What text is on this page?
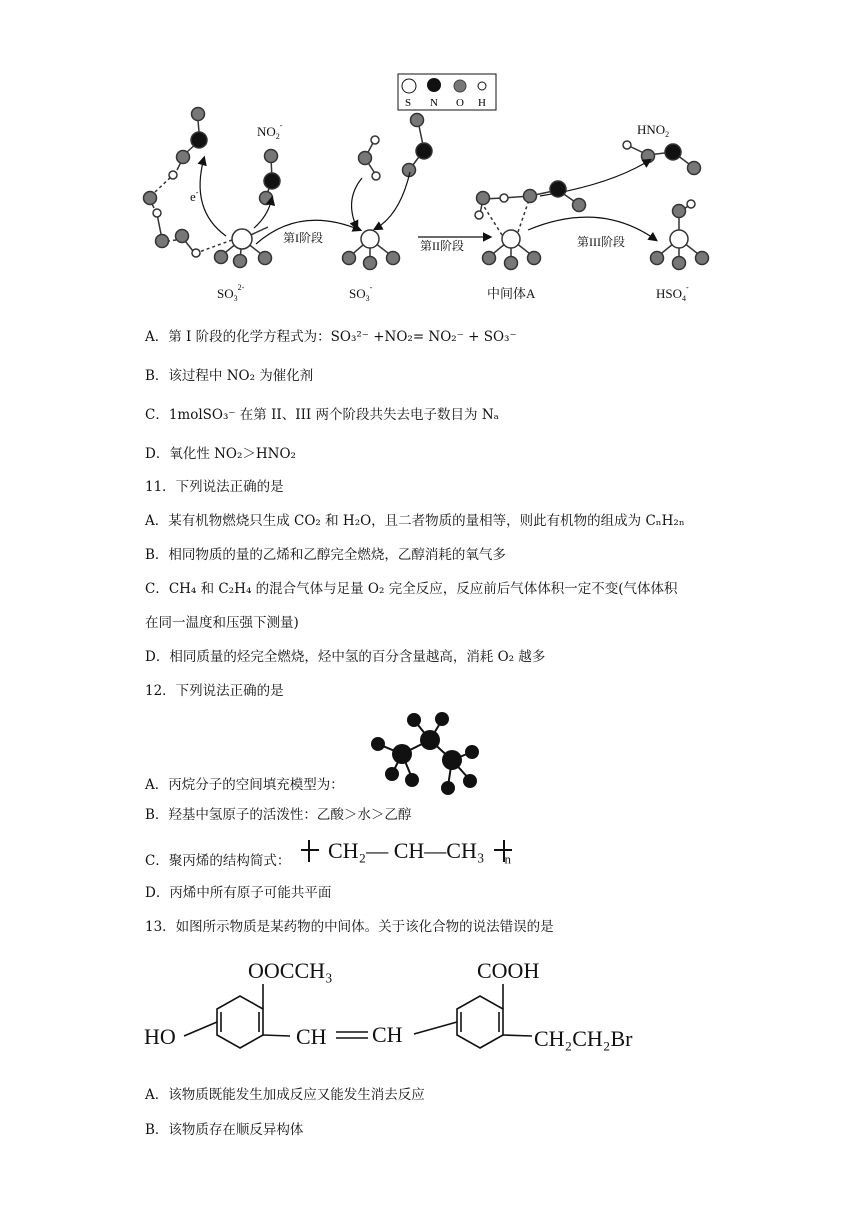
S N O H
$SO_3^{2-}$	$SO_3^-$	中间体A	$HSO_4^-$
$NO_2^-$	$HNO_2$
e-
第I阶段
第II阶段	第III阶段
A．第 I 阶段的化学方程式为：SO₃²⁻ +NO₂= NO₂⁻ + SO₃⁻
B．该过程中 NO₂ 为催化剂
C．1molSO₃⁻ 在第 II、III 两个阶段共失去电子数目为 Nₐ
D．氧化性 NO₂＞HNO₂
11．下列说法正确的是
A．某有机物燃烧只生成 CO₂ 和 H₂O，且二者物质的量相等，则此有机物的组成为 CₙH₂ₙ
B．相同物质的量的乙烯和乙醇完全燃烧，乙醇消耗的氧气多
C．CH₄ 和 C₂H₄ 的混合气体与足量 O₂ 完全反应，反应前后气体体积一定不变(气体体积
在同一温度和压强下测量)
D．相同质量的烃完全燃烧，烃中氢的百分含量越高，消耗 O₂ 越多
12．下列说法正确的是
A．丙烷分子的空间填充模型为：
B．羟基中氢原子的活泼性：乙酸＞水＞乙醇
C．聚丙烯的结构简式：	CH₂— CH—CH₃ $_n$
D．丙烯中所有原子可能共平面
13．如图所示物质是某药物的中间体。关于该化合物的说法错误的是
OOCCH₃	COOH
HO	CH CH	CH₂CH₂Br
A．该物质既能发生加成反应又能发生消去反应
B．该物质存在顺反异构体
